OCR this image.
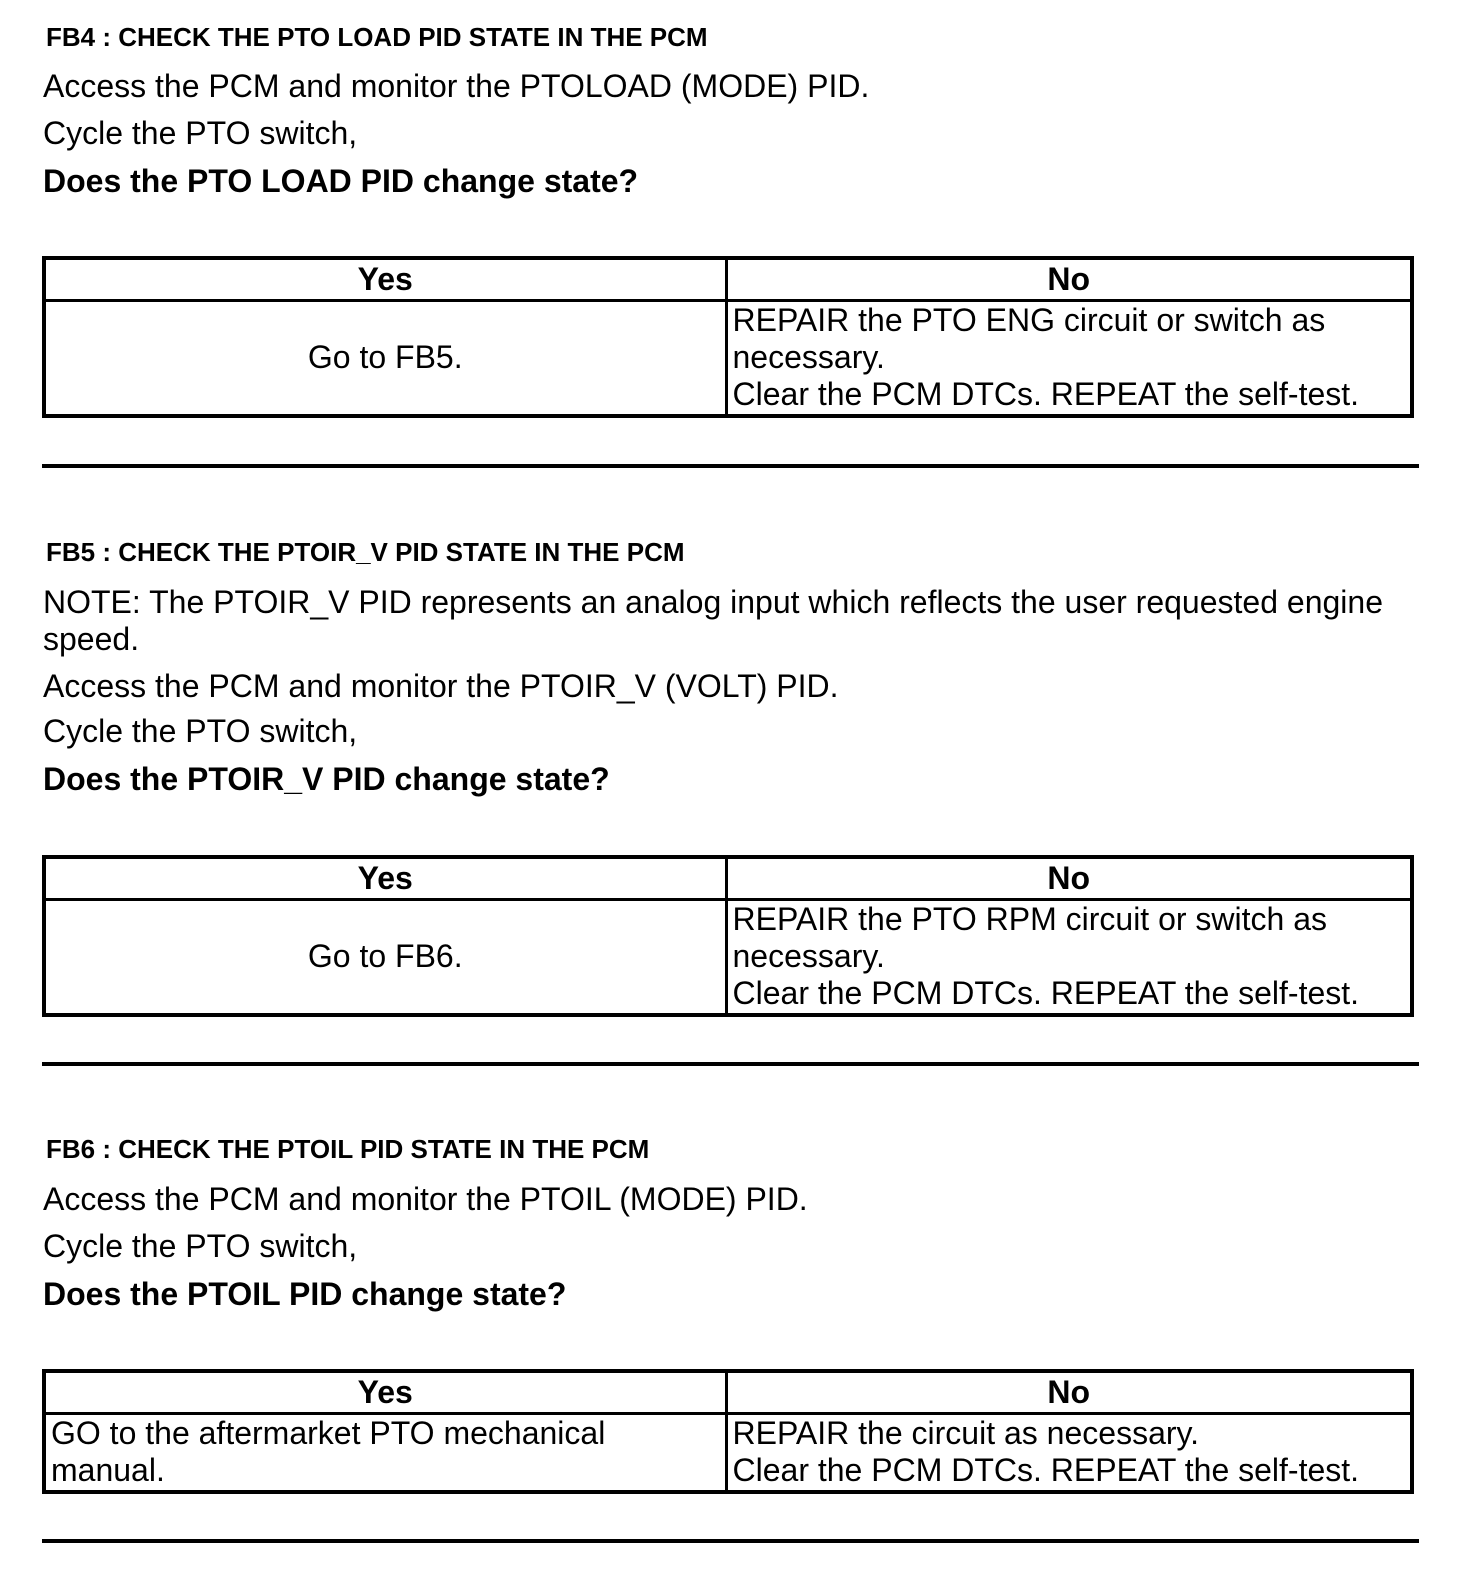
FB4 : CHECK THE PTO LOAD PID STATE IN THE PCM

Access the PCM and monitor the PTOLOAD (MODE) PID.

Cycle the PTO switch,

Does the PTO LOAD PID change state?

Yes	No

Go to FB5.	REPAIR the PTO ENG circuit or switch as
necessary.
Clear the PCM DTCs. REPEAT the self-test.

FB5 : CHECK THE PTOIR_V PID STATE IN THE PCM

NOTE: The PTOIR_V PID represents an analog input which reflects the user requested engine speed.

Access the PCM and monitor the PTOIR_V (VOLT) PID.

Cycle the PTO switch,

Does the PTOIR_V PID change state?

Yes	No

Go to FB6.	REPAIR the PTO RPM circuit or switch as
necessary.
Clear the PCM DTCs. REPEAT the self-test.

FB6 : CHECK THE PTOIL PID STATE IN THE PCM

Access the PCM and monitor the PTOIL (MODE) PID.

Cycle the PTO switch,

Does the PTOIL PID change state?

Yes	No

GO to the aftermarket PTO mechanical
manual.	REPAIR the circuit as necessary.
Clear the PCM DTCs. REPEAT the self-test.
